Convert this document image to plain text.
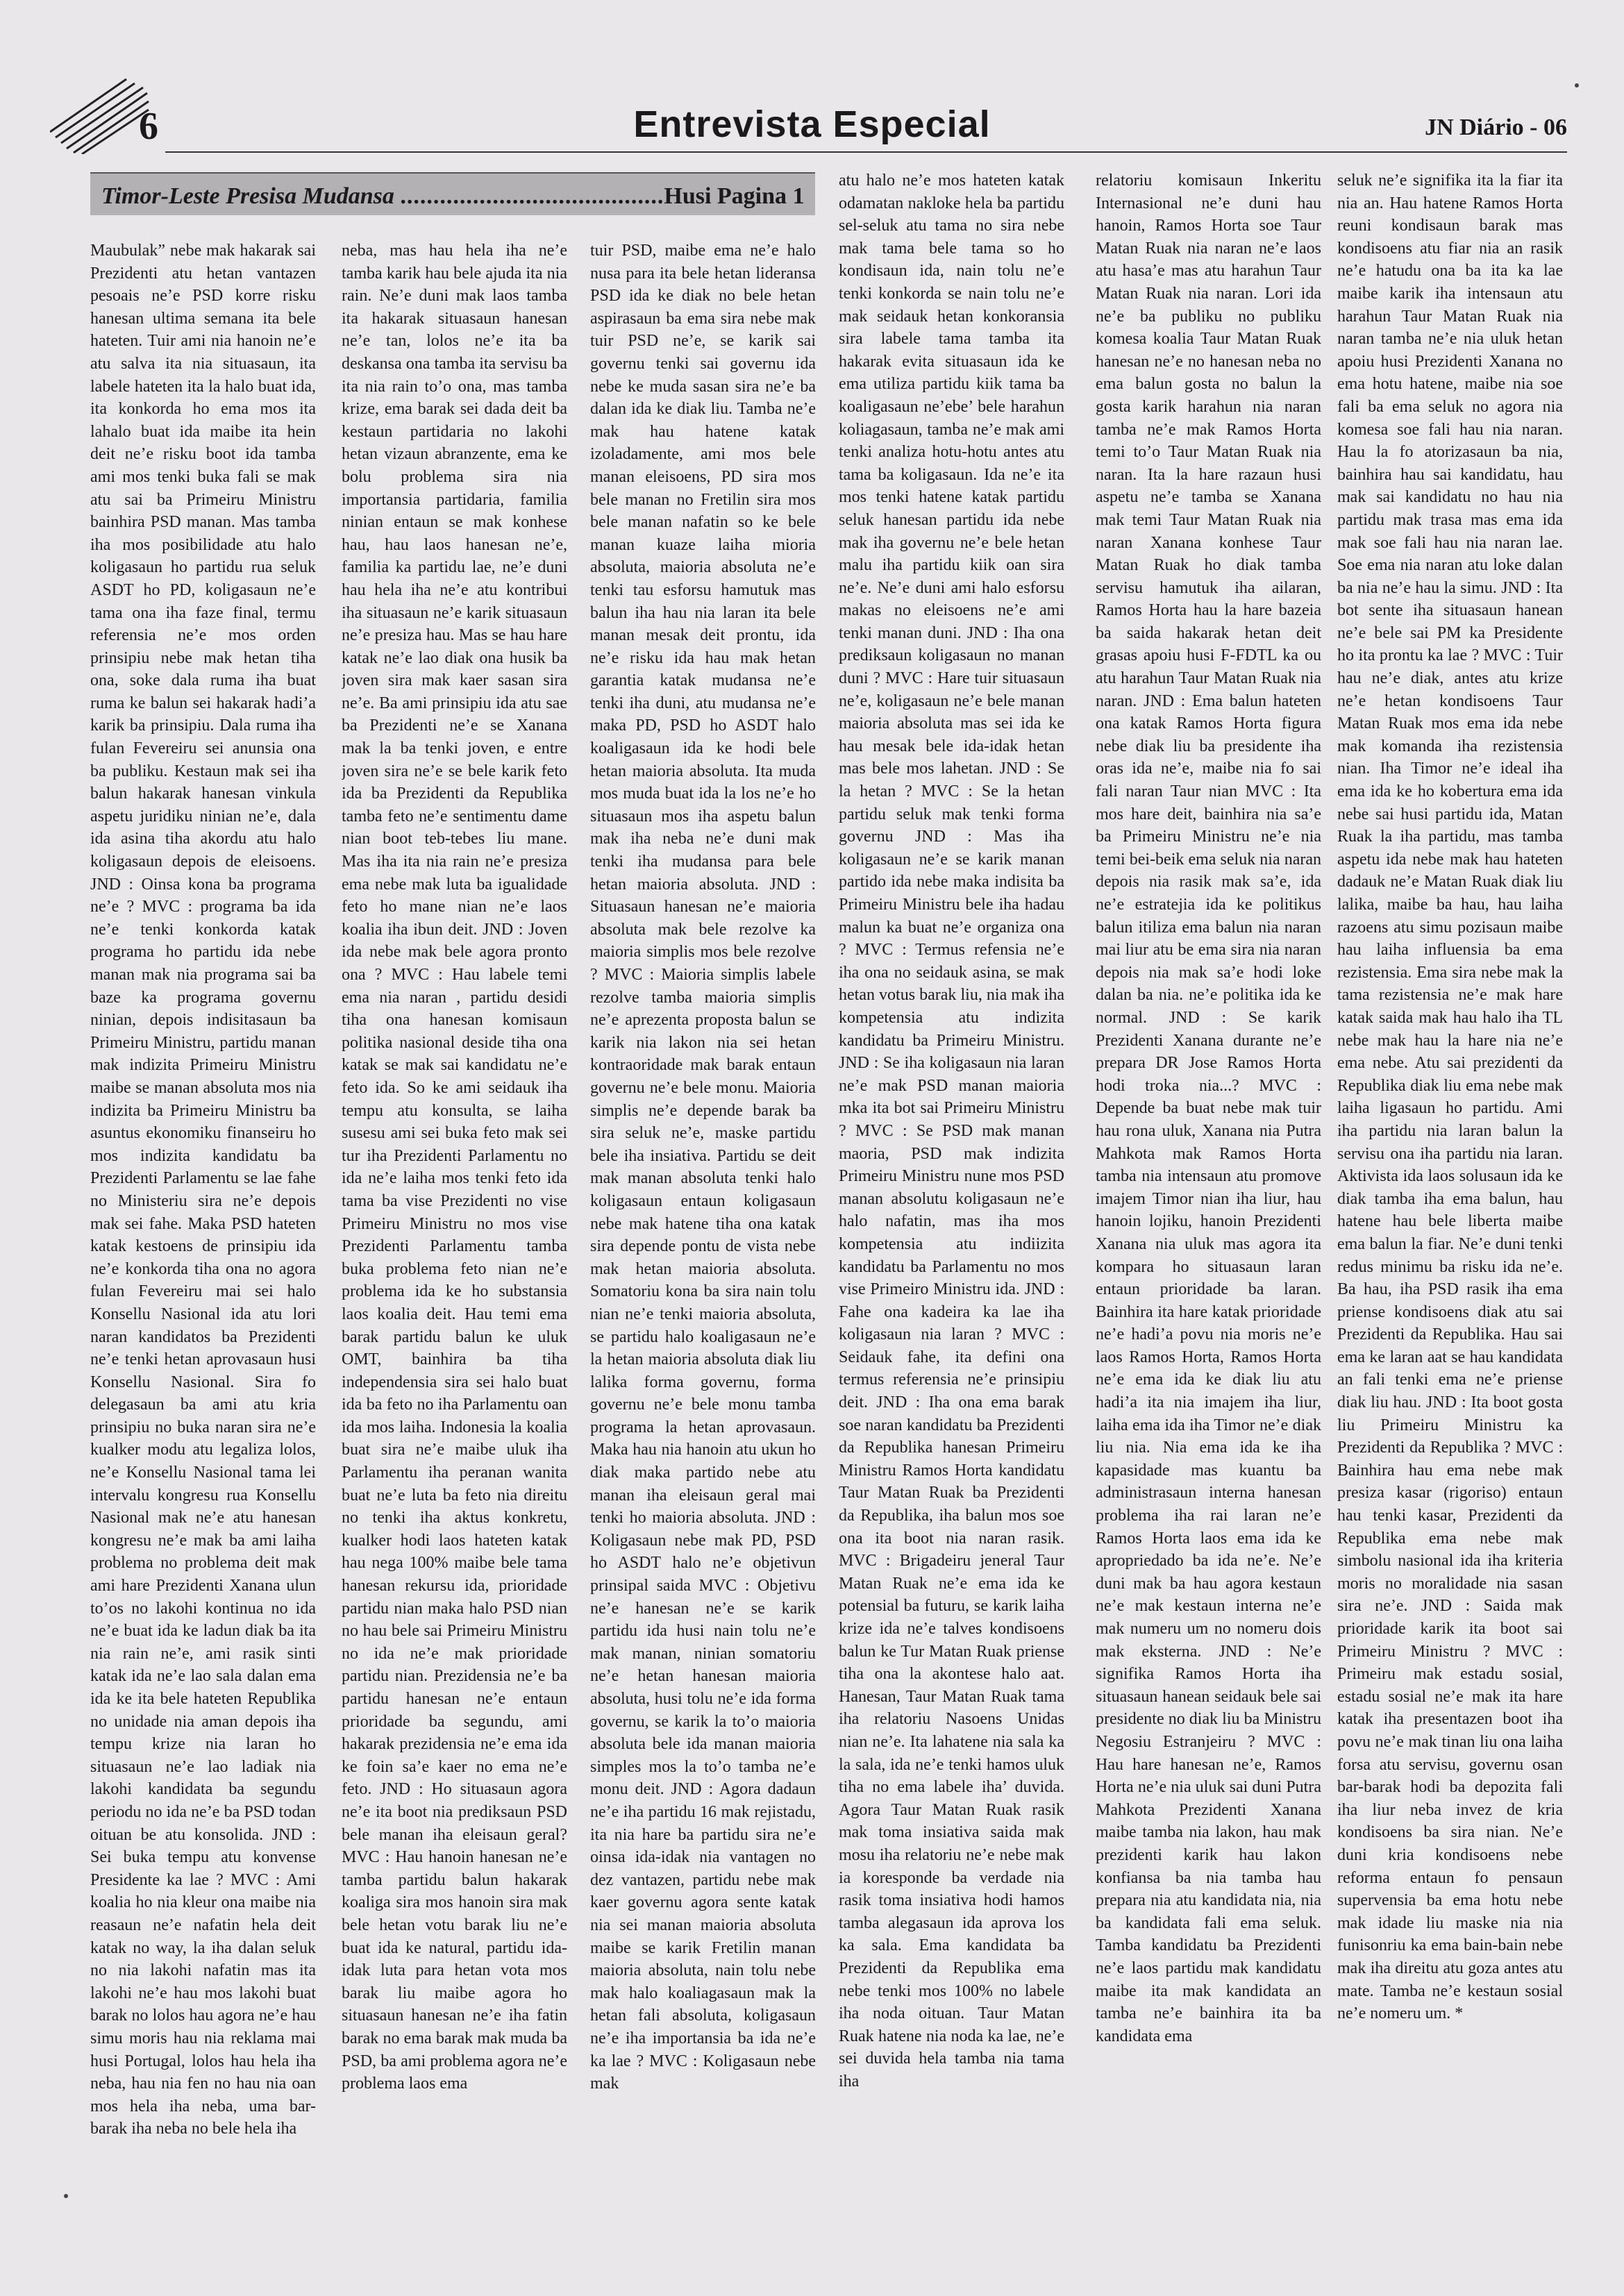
6	Entrevista Especial	JN Diário - 06
Timor-Leste Presisa Mudansa ........................................Husi Pagina 1

Maubulak” nebe mak hakarak sai Prezidenti atu hetan vantazen pesoais ne’e PSD korre risku hanesan ultima semana ita bele hateten. Tuir ami nia hanoin ne’e atu salva ita nia situasaun, ita labele hateten ita la halo buat ida, ita konkorda ho ema mos ita lahalo buat ida maibe ita hein deit ne’e risku boot ida tamba ami mos tenki buka fali se mak atu sai ba Primeiru Ministru bainhira PSD manan. Mas tamba iha mos posibilidade atu halo koligasaun ho partidu rua seluk ASDT ho PD, koligasaun ne’e tama ona iha faze final, termu referensia ne’e mos orden prinsipiu nebe mak hetan tiha ona, soke dala ruma iha buat ruma ke balun sei hakarak hadi’a karik ba prinsipiu. Dala ruma iha fulan Fevereiru sei anunsia ona ba publiku. Kestaun mak sei iha balun hakarak hanesan vinkula aspetu juridiku ninian ne’e, dala ida asina tiha akordu atu halo koligasaun depois de eleisoens. JND : Oinsa kona ba programa ne’e ? MVC : programa ba ida ne’e tenki konkorda katak programa ho partidu ida nebe manan mak nia programa sai ba baze ka programa governu ninian, depois indisitasaun ba Primeiru Ministru, partidu manan mak indizita Primeiru Ministru maibe se manan absoluta mos nia indizita ba Primeiru Ministru ba asuntus ekonomiku finanseiru ho mos indizita kandidatu ba Prezidenti Parlamentu se lae fahe no Ministeriu sira ne’e depois mak sei fahe. Maka PSD hateten katak kestoens de prinsipiu ida ne’e konkorda tiha ona no agora fulan Fevereiru mai sei halo Konsellu Nasional ida atu lori naran kandidatos ba Prezidenti ne’e tenki hetan aprovasaun husi Konsellu Nasional. Sira fo delegasaun ba ami atu kria prinsipiu no buka naran sira ne’e kualker modu atu legaliza lolos, ne’e Konsellu Nasional tama lei intervalu kongresu rua Konsellu Nasional mak ne’e atu hanesan kongresu ne’e mak ba ami laiha problema no problema deit mak ami hare Prezidenti Xanana ulun to’os no lakohi kontinua no ida ne’e buat ida ke ladun diak ba ita nia rain ne’e, ami rasik sinti katak ida ne’e lao sala dalan ema ida ke ita bele hateten Republika no unidade nia aman depois iha tempu krize nia laran ho situasaun ne’e lao ladiak nia lakohi kandidata ba segundu periodu no ida ne’e ba PSD todan oituan be atu konsolida. JND : Sei buka tempu atu konvense Presidente ka lae ? MVC : Ami koalia ho nia kleur ona maibe nia reasaun ne’e nafatin hela deit katak no way, la iha dalan seluk no nia lakohi nafatin mas ita lakohi ne’e hau mos lakohi buat barak no lolos hau agora ne’e hau simu moris hau nia reklama mai husi Portugal, lolos hau hela iha neba, hau nia fen no hau nia oan mos hela iha neba, uma bar- barak iha neba no bele hela iha

neba, mas hau hela iha ne’e tamba karik hau bele ajuda ita nia rain. Ne’e duni mak laos tamba ita hakarak situasaun hanesan ne’e tan, lolos ne’e ita ba deskansa ona tamba ita servisu ba ita nia rain to’o ona, mas tamba krize, ema barak sei dada deit ba kestaun partidaria no lakohi hetan vizaun abranzente, ema ke bolu problema sira nia importansia partidaria, familia ninian entaun se mak konhese hau, hau laos hanesan ne’e, familia ka partidu lae, ne’e duni hau hela iha ne’e atu kontribui iha situasaun ne’e karik situasaun ne’e presiza hau. Mas se hau hare katak ne’e lao diak ona husik ba joven sira mak kaer sasan sira ne’e. Ba ami prinsipiu ida atu sae ba Prezidenti ne’e se Xanana mak la ba tenki joven, e entre joven sira ne’e se bele karik feto ida ba Prezidenti da Republika tamba feto ne’e sentimentu dame nian boot teb-tebes liu mane. Mas iha ita nia rain ne’e presiza ema nebe mak luta ba igualidade feto ho mane nian ne’e laos koalia iha ibun deit. JND : Joven ida nebe mak bele agora pronto ona ? MVC : Hau labele temi ema nia naran , partidu desidi tiha ona hanesan komisaun politika nasional deside tiha ona katak se mak sai kandidatu ne’e feto ida. So ke ami seidauk iha tempu atu konsulta, se laiha susesu ami sei buka feto mak sei tur iha Prezidenti Parlamentu no ida ne’e laiha mos tenki feto ida tama ba vise Prezidenti no vise Primeiru Ministru no mos vise Prezidenti Parlamentu tamba buka problema feto nian ne’e problema ida ke ho substansia laos koalia deit. Hau temi ema barak partidu balun ke uluk OMT, bainhira ba tiha independensia sira sei halo buat ida ba feto no iha Parlamentu oan ida mos laiha. Indonesia la koalia buat sira ne’e maibe uluk iha Parlamentu iha peranan wanita buat ne’e luta ba feto nia direitu no tenki iha aktus konkretu, kualker hodi laos hateten katak hau nega 100% maibe bele tama hanesan rekursu ida, prioridade partidu nian maka halo PSD nian no hau bele sai Primeiru Ministru no ida ne’e mak prioridade partidu nian. Prezidensia ne’e ba partidu hanesan ne’e entaun prioridade ba segundu, ami hakarak prezidensia ne’e ema ida ke foin sa’e kaer no ema ne’e feto. JND : Ho situasaun agora ne’e ita boot nia prediksaun PSD bele manan iha eleisaun geral? MVC : Hau hanoin hanesan ne’e tamba partidu balun hakarak koaliga sira mos hanoin sira mak bele hetan votu barak liu ne’e buat ida ke natural, partidu ida-idak luta para hetan vota mos barak liu maibe agora ho situasaun hanesan ne’e iha fatin barak no ema barak mak muda ba PSD, ba ami problema agora ne’e problema laos ema

tuir PSD, maibe ema ne’e halo nusa para ita bele hetan lideransa PSD ida ke diak no bele hetan aspirasaun ba ema sira nebe mak tuir PSD ne’e, se karik sai governu tenki sai governu ida nebe ke muda sasan sira ne’e ba dalan ida ke diak liu. Tamba ne’e mak hau hatene katak izoladamente, ami mos bele manan eleisoens, PD sira mos bele manan no Fretilin sira mos bele manan nafatin so ke bele manan kuaze laiha mioria absoluta, maioria absoluta ne’e tenki tau esforsu hamutuk mas balun iha hau nia laran ita bele manan mesak deit prontu, ida ne’e risku ida hau mak hetan garantia katak mudansa ne’e tenki iha duni, atu mudansa ne’e maka PD, PSD ho ASDT halo koaligasaun ida ke hodi bele hetan maioria absoluta. Ita muda mos muda buat ida la los ne’e ho situasaun mos iha aspetu balun mak iha neba ne’e duni mak tenki iha mudansa para bele hetan maioria absoluta. JND : Situasaun hanesan ne’e maioria absoluta mak bele rezolve ka maioria simplis mos bele rezolve ? MVC : Maioria simplis labele rezolve tamba maioria simplis ne’e aprezenta proposta balun se karik nia lakon nia sei hetan kontraoridade mak barak entaun governu ne’e bele monu. Maioria simplis ne’e depende barak ba sira seluk ne’e, maske partidu bele iha insiativa. Partidu se deit mak manan absoluta tenki halo koligasaun entaun koligasaun nebe mak hatene tiha ona katak sira depende pontu de vista nebe mak hetan maioria absoluta. Somatoriu kona ba sira nain tolu nian ne’e tenki maioria absoluta, se partidu halo koaligasaun ne’e la hetan maioria absoluta diak liu lalika forma governu, forma governu ne’e bele monu tamba programa la hetan aprovasaun. Maka hau nia hanoin atu ukun ho diak maka partido nebe atu manan iha eleisaun geral mai tenki ho maioria absoluta. JND : Koligasaun nebe mak PD, PSD ho ASDT halo ne’e objetivun prinsipal saida MVC : Objetivu ne’e hanesan ne’e se karik partidu ida husi nain tolu ne’e mak manan, ninian somatoriu ne’e hetan hanesan maioria absoluta, husi tolu ne’e ida forma governu, se karik la to’o maioria absoluta bele ida manan maioria simples mos la to’o tamba ne’e monu deit. JND : Agora dadaun ne’e iha partidu 16 mak rejistadu, ita nia hare ba partidu sira ne’e oinsa ida-idak nia vantagen no dez vantazen, partidu nebe mak kaer governu agora sente katak nia sei manan maioria absoluta maibe se karik Fretilin manan maioria absoluta, nain tolu nebe mak halo koaliagasaun mak la hetan fali absoluta, koligasaun ne’e iha importansia ba ida ne’e ka lae ? MVC : Koligasaun nebe mak

atu halo ne’e mos hateten katak odamatan nakloke hela ba partidu sel-seluk atu tama no sira nebe mak tama bele tama so ho kondisaun ida, nain tolu ne’e tenki konkorda se nain tolu ne’e mak seidauk hetan konkoransia sira labele tama tamba ita hakarak evita situasaun ida ke ema utiliza partidu kiik tama ba koaligasaun ne’ebe’ bele harahun koliagasaun, tamba ne’e mak ami tenki analiza hotu-hotu antes atu tama ba koligasaun. Ida ne’e ita mos tenki hatene katak partidu seluk hanesan partidu ida nebe mak iha governu ne’e bele hetan malu iha partidu kiik oan sira ne’e. Ne’e duni ami halo esforsu makas no eleisoens ne’e ami tenki manan duni. JND : Iha ona prediksaun koligasaun no manan duni ? MVC : Hare tuir situasaun ne’e, koligasaun ne’e bele manan maioria absoluta mas sei ida ke hau mesak bele ida-idak hetan mas bele mos lahetan. JND : Se la hetan ? MVC : Se la hetan partidu seluk mak tenki forma governu JND : Mas iha koligasaun ne’e se karik manan partido ida nebe maka indisita ba Primeiru Ministru bele iha hadau malun ka buat ne’e organiza ona ? MVC : Termus refensia ne’e iha ona no seidauk asina, se mak hetan votus barak liu, nia mak iha kompetensia atu indizita kandidatu ba Primeiru Ministru. JND : Se iha koligasaun nia laran ne’e mak PSD manan maioria mka ita bot sai Primeiru Ministru ? MVC : Se PSD mak manan maoria, PSD mak indizita Primeiru Ministru nune mos PSD manan absolutu koligasaun ne’e halo nafatin, mas iha mos kompetensia atu indiizita kandidatu ba Parlamentu no mos vise Primeiro Ministru ida. JND : Fahe ona kadeira ka lae iha koligasaun nia laran ? MVC : Seidauk fahe, ita defini ona termus referensia ne’e prinsipiu deit. JND : Iha ona ema barak soe naran kandidatu ba Prezidenti da Republika hanesan Primeiru Ministru Ramos Horta kandidatu Taur Matan Ruak ba Prezidenti da Republika, iha balun mos soe ona ita boot nia naran rasik. MVC : Brigadeiru jeneral Taur Matan Ruak ne’e ema ida ke potensial ba futuru, se karik laiha krize ida ne’e talves kondisoens balun ke Tur Matan Ruak priense tiha ona la akontese halo aat. Hanesan, Taur Matan Ruak tama iha relatoriu Nasoens Unidas nian ne’e. Ita lahatene nia sala ka la sala, ida ne’e tenki hamos uluk tiha no ema labele iha’ duvida. Agora Taur Matan Ruak rasik mak toma insiativa saida mak mosu iha relatoriu ne’e nebe mak ia koresponde ba verdade nia rasik toma insiativa hodi hamos tamba alegasaun ida aprova los ka sala. Ema kandidata ba Prezidenti da Republika ema nebe tenki mos 100% no labele iha noda oituan. Taur Matan Ruak hatene nia noda ka lae, ne’e sei duvida hela tamba nia tama iha

relatoriu komisaun Inkeritu Internasional ne’e duni hau hanoin, Ramos Horta soe Taur Matan Ruak nia naran ne’e laos atu hasa’e mas atu harahun Taur Matan Ruak nia naran. Lori ida ne’e ba publiku no publiku komesa koalia Taur Matan Ruak hanesan ne’e no hanesan neba no ema balun gosta no balun la gosta karik harahun nia naran tamba ne’e mak Ramos Horta temi to’o Taur Matan Ruak nia naran. Ita la hare razaun husi aspetu ne’e tamba se Xanana mak temi Taur Matan Ruak nia naran Xanana konhese Taur Matan Ruak ho diak tamba servisu hamutuk iha ailaran, Ramos Horta hau la hare bazeia ba saida hakarak hetan deit grasas apoiu husi F-FDTL ka ou atu harahun Taur Matan Ruak nia naran. JND : Ema balun hateten ona katak Ramos Horta figura nebe diak liu ba presidente iha oras ida ne’e, maibe nia fo sai fali naran Taur nian MVC : Ita mos hare deit, bainhira nia sa’e ba Primeiru Ministru ne’e nia temi bei-beik ema seluk nia naran depois nia rasik mak sa’e, ida ne’e estratejia ida ke politikus balun itiliza ema balun nia naran mai liur atu be ema sira nia naran depois nia mak sa’e hodi loke dalan ba nia. ne’e politika ida ke normal. JND : Se karik Prezidenti Xanana durante ne’e prepara DR Jose Ramos Horta hodi troka nia...? MVC : Depende ba buat nebe mak tuir hau rona uluk, Xanana nia Putra Mahkota mak Ramos Horta tamba nia intensaun atu promove imajem Timor nian iha liur, hau hanoin lojiku, hanoin Prezidenti Xanana nia uluk mas agora ita kompara ho situasaun laran entaun prioridade ba laran. Bainhira ita hare katak prioridade ne’e hadi’a povu nia moris ne’e laos Ramos Horta, Ramos Horta ne’e ema ida ke diak liu atu hadi’a ita nia imajem iha liur, laiha ema ida iha Timor ne’e diak liu nia. Nia ema ida ke iha kapasidade mas kuantu ba administrasaun interna hanesan problema iha rai laran ne’e Ramos Horta laos ema ida ke apropriedado ba ida ne’e. Ne’e duni mak ba hau agora kestaun ne’e mak kestaun interna ne’e mak numeru um no nomeru dois mak eksterna. JND : Ne’e signifika Ramos Horta iha situasaun hanean seidauk bele sai presidente no diak liu ba Ministru Negosiu Estranjeiru ? MVC : Hau hare hanesan ne’e, Ramos Horta ne’e nia uluk sai duni Putra Mahkota Prezidenti Xanana maibe tamba nia lakon, hau mak prezidenti karik hau lakon konfiansa ba nia tamba hau prepara nia atu kandidata nia, nia ba kandidata fali ema seluk. Tamba kandidatu ba Prezidenti ne’e laos partidu mak kandidatu maibe ita mak kandidata an tamba ne’e bainhira ita ba kandidata ema

seluk ne’e signifika ita la fiar ita nia an. Hau hatene Ramos Horta reuni kondisaun barak mas kondisoens atu fiar nia an rasik ne’e hatudu ona ba ita ka lae maibe karik iha intensaun atu harahun Taur Matan Ruak nia naran tamba ne’e nia uluk hetan apoiu husi Prezidenti Xanana no ema hotu hatene, maibe nia soe fali ba ema seluk no agora nia komesa soe fali hau nia naran. Hau la fo atorizasaun ba nia, bainhira hau sai kandidatu, hau mak sai kandidatu no hau nia partidu mak trasa mas ema ida mak soe fali hau nia naran lae. Soe ema nia naran atu loke dalan ba nia ne’e hau la simu. JND : Ita bot sente iha situasaun hanean ne’e bele sai PM ka Presidente ho ita prontu ka lae ? MVC : Tuir hau ne’e diak, antes atu krize ne’e hetan kondisoens Taur Matan Ruak mos ema ida nebe mak komanda iha rezistensia nian. Iha Timor ne’e ideal iha ema ida ke ho kobertura ema ida nebe sai husi partidu ida, Matan Ruak la iha partidu, mas tamba aspetu ida nebe mak hau hateten dadauk ne’e Matan Ruak diak liu lalika, maibe ba hau, hau laiha razoens atu simu pozisaun maibe hau laiha influensia ba ema rezistensia. Ema sira nebe mak la tama rezistensia ne’e mak hare katak saida mak hau halo iha TL nebe mak hau la hare nia ne’e ema nebe. Atu sai prezidenti da Republika diak liu ema nebe mak laiha ligasaun ho partidu. Ami iha partidu nia laran balun la servisu ona iha partidu nia laran. Aktivista ida laos solusaun ida ke diak tamba iha ema balun, hau hatene hau bele liberta maibe ema balun la fiar. Ne’e duni tenki redus minimu ba risku ida ne’e. Ba hau, iha PSD rasik iha ema priense kondisoens diak atu sai Prezidenti da Republika. Hau sai ema ke laran aat se hau kandidata an fali tenki ema ne’e priense diak liu hau. JND : Ita boot gosta liu Primeiru Ministru ka Prezidenti da Republika ? MVC : Bainhira hau ema nebe mak presiza kasar (rigoriso) entaun hau tenki kasar, Prezidenti da Republika ema nebe mak simbolu nasional ida iha kriteria moris no moralidade nia sasan sira ne’e. JND : Saida mak prioridade karik ita boot sai Primeiru Ministru ? MVC : Primeiru mak estadu sosial, estadu sosial ne’e mak ita hare katak iha presentazen boot iha povu ne’e mak tinan liu ona laiha forsa atu servisu, governu osan bar-barak hodi ba depozita fali iha liur neba invez de kria kondisoens ba sira nian. Ne’e duni kria kondisoens nebe reforma entaun fo pensaun supervensia ba ema hotu nebe mak idade liu maske nia nia funisonriu ka ema bain-bain nebe mak iha direitu atu goza antes atu mate. Tamba ne’e kestaun sosial ne’e nomeru um. *
